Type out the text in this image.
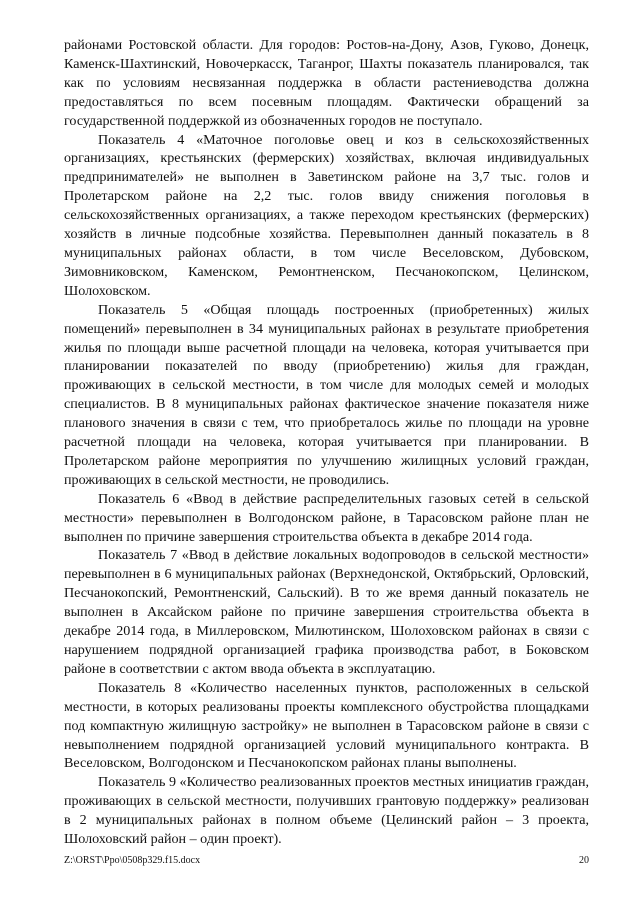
районами Ростовской области. Для городов: Ростов-на-Дону, Азов, Гуково, Донецк, Каменск-Шахтинский, Новочеркасск, Таганрог, Шахты показатель планировался, так как по условиям несвязанная поддержка в области растениеводства должна предоставляться по всем посевным площадям. Фактически обращений за государственной поддержкой из обозначенных городов не поступало.

Показатель 4 «Маточное поголовье овец и коз в сельскохозяйственных организациях, крестьянских (фермерских) хозяйствах, включая индивидуальных предпринимателей» не выполнен в Заветинском районе на 3,7 тыс. голов и Пролетарском районе на 2,2 тыс. голов ввиду снижения поголовья в сельскохозяйственных организациях, а также переходом крестьянских (фермерских) хозяйств в личные подсобные хозяйства. Перевыполнен данный показатель в 8 муниципальных районах области, в том числе Веселовском, Дубовском, Зимовниковском, Каменском, Ремонтненском, Песчанокопском, Целинском, Шолоховском.

Показатель 5 «Общая площадь построенных (приобретенных) жилых помещений» перевыполнен в 34 муниципальных районах в результате приобретения жилья по площади выше расчетной площади на человека, которая учитывается при планировании показателей по вводу (приобретению) жилья для граждан, проживающих в сельской местности, в том числе для молодых семей и молодых специалистов. В 8 муниципальных районах фактическое значение показателя ниже планового значения в связи с тем, что приобреталось жилье по площади на уровне расчетной площади на человека, которая учитывается при планировании. В Пролетарском районе мероприятия по улучшению жилищных условий граждан, проживающих в сельской местности, не проводились.

Показатель 6 «Ввод в действие распределительных газовых сетей в сельской местности» перевыполнен в Волгодонском районе, в Тарасовском районе план не выполнен по причине завершения строительства объекта в декабре 2014 года.

Показатель 7 «Ввод в действие локальных водопроводов в сельской местности» перевыполнен в 6 муниципальных районах (Верхнедонской, Октябрьский, Орловский, Песчанокопский, Ремонтненский, Сальский). В то же время данный показатель не выполнен в Аксайском районе по причине завершения строительства объекта в декабре 2014 года, в Миллеровском, Милютинском, Шолоховском районах в связи с нарушением подрядной организацией графика производства работ, в Боковском районе в соответствии с актом ввода объекта в эксплуатацию.

Показатель 8 «Количество населенных пунктов, расположенных в сельской местности, в которых реализованы проекты комплексного обустройства площадками под компактную жилищную застройку» не выполнен в Тарасовском районе в связи с невыполнением подрядной организацией условий муниципального контракта. В Веселовском, Волгодонском и Песчанокопском районах планы выполнены.

Показатель 9 «Количество реализованных проектов местных инициатив граждан, проживающих в сельской местности, получивших грантовую поддержку» реализован в 2 муниципальных районах в полном объеме (Целинский район – 3 проекта, Шолоховский район – один проект).

Z:\ORST\Ppo\0508p329.f15.docx	20
